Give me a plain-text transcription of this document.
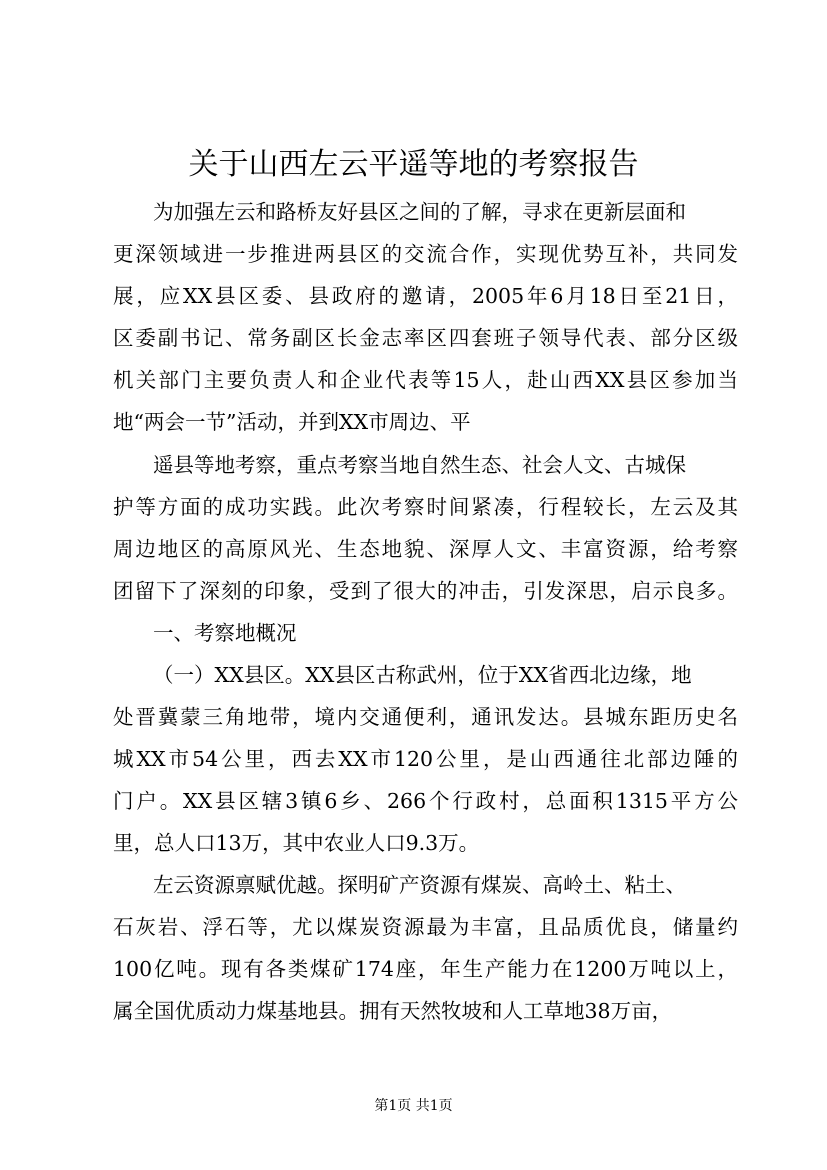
关于山西左云平遥等地的考察报告

为加强左云和路桥友好县区之间的了解，寻求在更新层面和

更深领域进一步推进两县区的交流合作，实现优势互补，共同发

展，应XX县区委、县政府的邀请，2005年6月18日至21日，

区委副书记、常务副区长金志率区四套班子领导代表、部分区级

机关部门主要负责人和企业代表等15人，赴山西XX县区参加当

地“两会一节”活动，并到XX市周边、平

遥县等地考察，重点考察当地自然生态、社会人文、古城保

护等方面的成功实践。此次考察时间紧凑，行程较长，左云及其

周边地区的高原风光、生态地貌、深厚人文、丰富资源，给考察

团留下了深刻的印象，受到了很大的冲击，引发深思，启示良多。

一、考察地概况

（一）XX县区。XX县区古称武州，位于XX省西北边缘，地

处晋冀蒙三角地带，境内交通便利，通讯发达。县城东距历史名

城XX市54公里，西去XX市120公里，是山西通往北部边陲的

门户。XX县区辖3镇6乡、266个行政村，总面积1315平方公

里，总人口13万，其中农业人口9.3万。

左云资源禀赋优越。探明矿产资源有煤炭、高岭土、粘土、

石灰岩、浮石等，尤以煤炭资源最为丰富，且品质优良，储量约

100亿吨。现有各类煤矿174座，年生产能力在1200万吨以上，

属全国优质动力煤基地县。拥有天然牧坡和人工草地38万亩，

第1页 共1页
